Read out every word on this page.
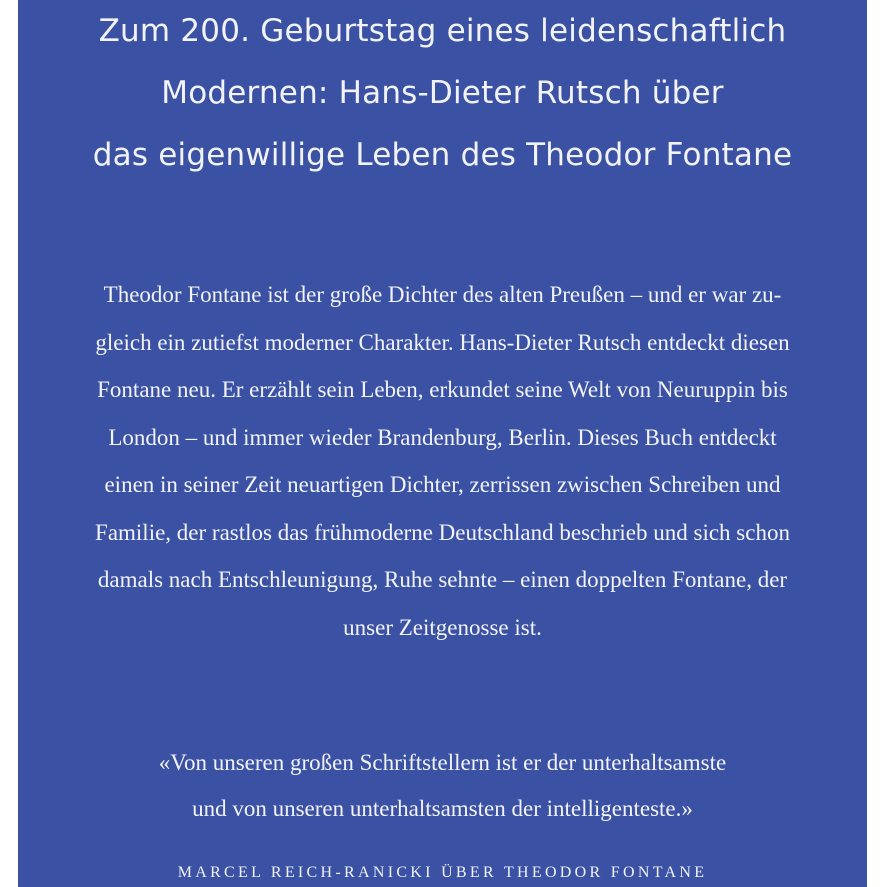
Zum 200. Geburtstag eines leidenschaftlich
Modernen: Hans-Dieter Rutsch über
das eigenwillige Leben des Theodor Fontane
Theodor Fontane ist der große Dichter des alten Preußen – und er war zu-
gleich ein zutiefst moderner Charakter. Hans-Dieter Rutsch entdeckt diesen
Fontane neu. Er erzählt sein Leben, erkundet seine Welt von Neuruppin bis
London – und immer wieder Brandenburg, Berlin. Dieses Buch entdeckt
einen in seiner Zeit neuartigen Dichter, zerrissen zwischen Schreiben und
Familie, der rastlos das frühmoderne Deutschland beschrieb und sich schon
damals nach Entschleunigung, Ruhe sehnte – einen doppelten Fontane, der
unser Zeitgenosse ist.
«Von unseren großen Schriftstellern ist er der unterhaltsamste
und von unseren unterhaltsamsten der intelligenteste.»
MARCEL REICH-RANICKI ÜBER THEODOR FONTANE
